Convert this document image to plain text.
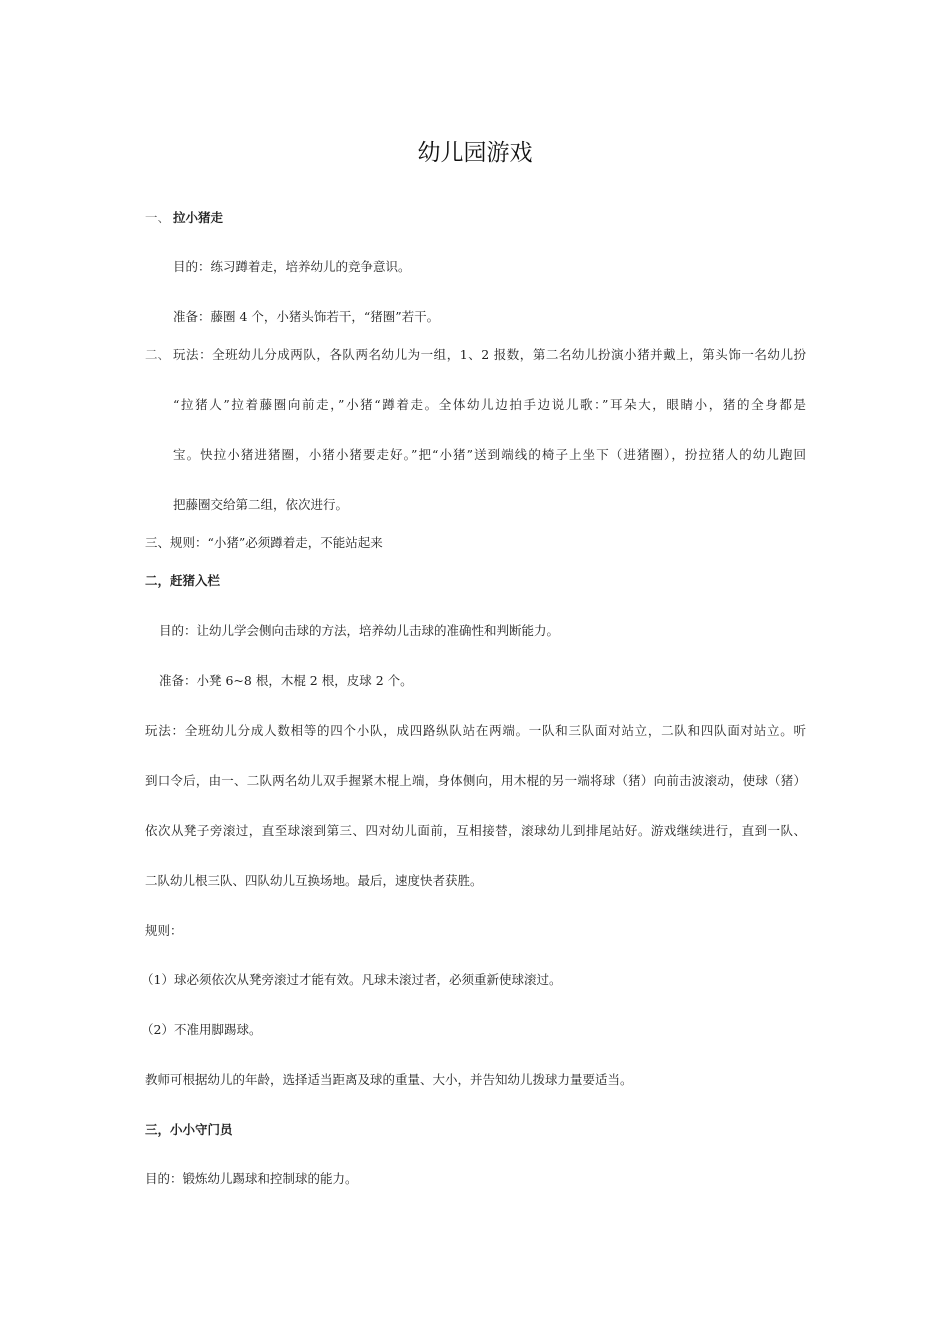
幼儿园游戏
一、 拉小猪走
目的：练习蹲着走，培养幼儿的竞争意识。
准备：藤圈 4 个，小猪头饰若干，“猪圈”若干。
二、 玩法：全班幼儿分成两队，各队两名幼儿为一组，1、2 报数，第二名幼儿扮演小猪并戴上，第头饰一名幼儿扮
“拉猪人”拉着藤圈向前走，”小猪“蹲着走。全体幼儿边拍手边说儿歌：”耳朵大，眼睛小，猪的全身都是
宝。快拉小猪进猪圈，小猪小猪要走好。”把“小猪”送到端线的椅子上坐下（进猪圈），扮拉猪人的幼儿跑回
把藤圈交给第二组，依次进行。
三、规则：“小猪”必须蹲着走，不能站起来
二，赶猪入栏
目的：让幼儿学会侧向击球的方法，培养幼儿击球的准确性和判断能力。
准备：小凳 6~8 根，木棍 2 根，皮球 2 个。
玩法：全班幼儿分成人数相等的四个小队，成四路纵队站在两端。一队和三队面对站立，二队和四队面对站立。听
到口令后，由一、二队两名幼儿双手握紧木棍上端，身体侧向，用木棍的另一端将球（猪）向前击波滚动，使球（猪）
依次从凳子旁滚过，直至球滚到第三、四对幼儿面前，互相接替，滚球幼儿到排尾站好。游戏继续进行，直到一队、
二队幼儿根三队、四队幼儿互换场地。最后，速度快者获胜。
规则：
（1）球必须依次从凳旁滚过才能有效。凡球未滚过者，必须重新使球滚过。
（2）不准用脚踢球。
教师可根据幼儿的年龄，选择适当距离及球的重量、大小，并告知幼儿拨球力量要适当。
三，小小守门员
目的：锻炼幼儿踢球和控制球的能力。
